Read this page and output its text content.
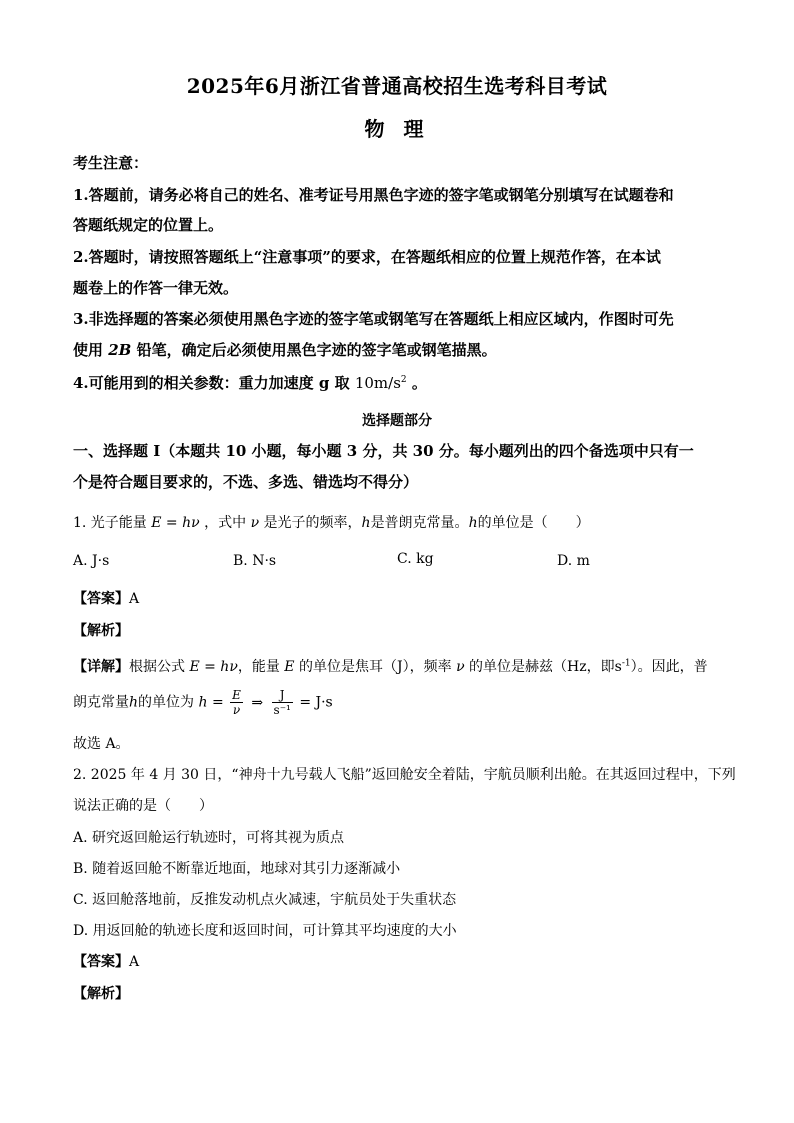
2025年6月浙江省普通高校招生选考科目考试
物 理
考生注意：
1.答题前，请务必将自己的姓名、准考证号用黑色字迹的签字笔或钢笔分别填写在试题卷和
答题纸规定的位置上。
2.答题时，请按照答题纸上“注意事项”的要求，在答题纸相应的位置上规范作答，在本试
题卷上的作答一律无效。
3.非选择题的答案必须使用黑色字迹的签字笔或钢笔写在答题纸上相应区域内，作图时可先
使用 2B 铅笔，确定后必须使用黑色字迹的签字笔或钢笔描黑。
4.可能用到的相关参数：重力加速度 g 取 $10m/s^2$ 。
选择题部分
一、选择题 I（本题共 10 小题，每小题 3 分，共 30 分。每小题列出的四个备选项中只有一
个是符合题目要求的，不选、多选、错选均不得分）
1. 光子能量 E = hν ，式中 ν 是光子的频率，h是普朗克常量。h的单位是（　　）
A. J·s	B. N·s	C. kg	D. m
【答案】A
【解析】
【详解】根据公式 E = hν，能量 E 的单位是焦耳（J），频率 ν 的单位是赫兹（Hz，即$s^{-1}$）。因此，普
朗克常量h的单位为 $h = \frac{E}{\nu}$ ⇒ $\frac{J}{\text{s⁻¹}} = J\cdot s$
故选 A。
2. 2025 年 4 月 30 日，“神舟十九号载人飞船”返回舱安全着陆，宇航员顺利出舱。在其返回过程中，下列
说法正确的是（　　）
A. 研究返回舱运行轨迹时，可将其视为质点
B. 随着返回舱不断靠近地面，地球对其引力逐渐减小
C. 返回舱落地前，反推发动机点火减速，宇航员处于失重状态
D. 用返回舱的轨迹长度和返回时间，可计算其平均速度的大小
【答案】A
【解析】
